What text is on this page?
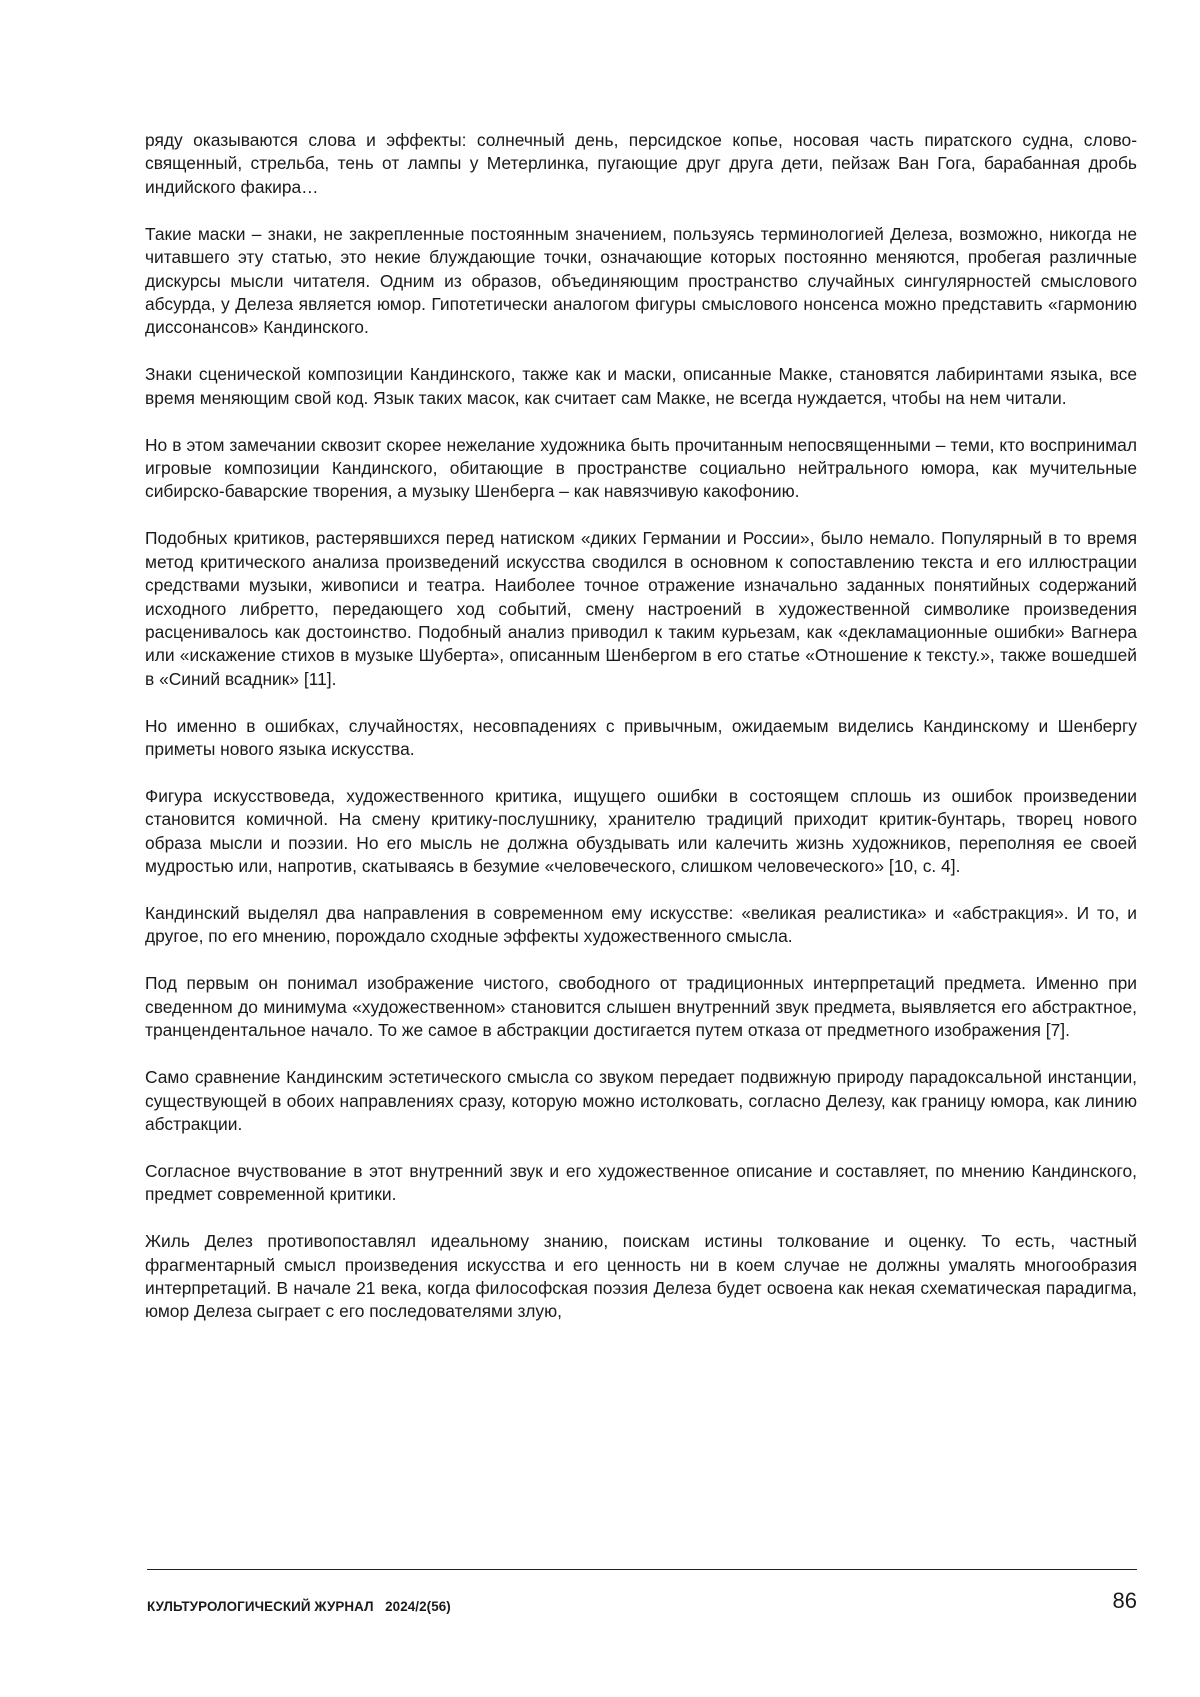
ряду оказываются слова и эффекты: солнечный день, персидское копье, носовая часть пиратского судна, слово-священный, стрельба, тень от лампы у Метерлинка, пугающие друг друга дети, пейзаж Ван Гога, барабанная дробь индийского факира…

Такие маски – знаки, не закрепленные постоянным значением, пользуясь терминологией Делеза, возможно, никогда не читавшего эту статью, это некие блуждающие точки, означающие которых постоянно меняются, пробегая различные дискурсы мысли читателя. Одним из образов, объединяющим пространство случайных сингулярностей смыслового абсурда, у Делеза является юмор. Гипотетически аналогом фигуры смыслового нонсенса можно представить «гармонию диссонансов» Кандинского.

Знаки сценической композиции Кандинского, также как и маски, описанные Макке, становятся лабиринтами языка, все время меняющим свой код. Язык таких масок, как считает сам Макке, не всегда нуждается, чтобы на нем читали.

Но в этом замечании сквозит скорее нежелание художника быть прочитанным непосвященными – теми, кто воспринимал игровые композиции Кандинского, обитающие в пространстве социально нейтрального юмора, как мучительные сибирско-баварские творения, а музыку Шенберга – как навязчивую какофонию.

Подобных критиков, растерявшихся перед натиском «диких Германии и России», было немало. Популярный в то время метод критического анализа произведений искусства сводился в основном к сопоставлению текста и его иллюстрации средствами музыки, живописи и театра. Наиболее точное отражение изначально заданных понятийных содержаний исходного либретто, передающего ход событий, смену настроений в художественной символике произведения расценивалось как достоинство. Подобный анализ приводил к таким курьезам, как «декламационные ошибки» Вагнера или «искажение стихов в музыке Шуберта», описанным Шенбергом в его статье «Отношение к тексту.», также вошедшей в «Синий всадник» [11].

Но именно в ошибках, случайностях, несовпадениях с привычным, ожидаемым виделись Кандинскому и Шенбергу приметы нового языка искусства.

Фигура искусствоведа, художественного критика, ищущего ошибки в состоящем сплошь из ошибок произведении становится комичной. На смену критику-послушнику, хранителю традиций приходит критик-бунтарь, творец нового образа мысли и поэзии. Но его мысль не должна обуздывать или калечить жизнь художников, переполняя ее своей мудростью или, напротив, скатываясь в безумие «человеческого, слишком человеческого» [10, с. 4].

Кандинский выделял два направления в современном ему искусстве: «великая реалистика» и «абстракция». И то, и другое, по его мнению, порождало сходные эффекты художественного смысла.

Под первым он понимал изображение чистого, свободного от традиционных интерпретаций предмета. Именно при сведенном до минимума «художественном» становится слышен внутренний звук предмета, выявляется его абстрактное, транцендентальное начало. То же самое в абстракции достигается путем отказа от предметного изображения [7].

Само сравнение Кандинским эстетического смысла со звуком передает подвижную природу парадоксальной инстанции, существующей в обоих направлениях сразу, которую можно истолковать, согласно Делезу, как границу юмора, как линию абстракции.

Согласное вчуствование в этот внутренний звук и его художественное описание и составляет, по мнению Кандинского, предмет современной критики.

Жиль Делез противопоставлял идеальному знанию, поискам истины толкование и оценку. То есть, частный фрагментарный смысл произведения искусства и его ценность ни в коем случае не должны умалять многообразия интерпретаций. В начале 21 века, когда философская поэзия Делеза будет освоена как некая схематическая парадигма, юмор Делеза сыграет с его последователями злую,

КУЛЬТУРОЛОГИЧЕСКИЙ ЖУРНАЛ 2024/2(56)	86
